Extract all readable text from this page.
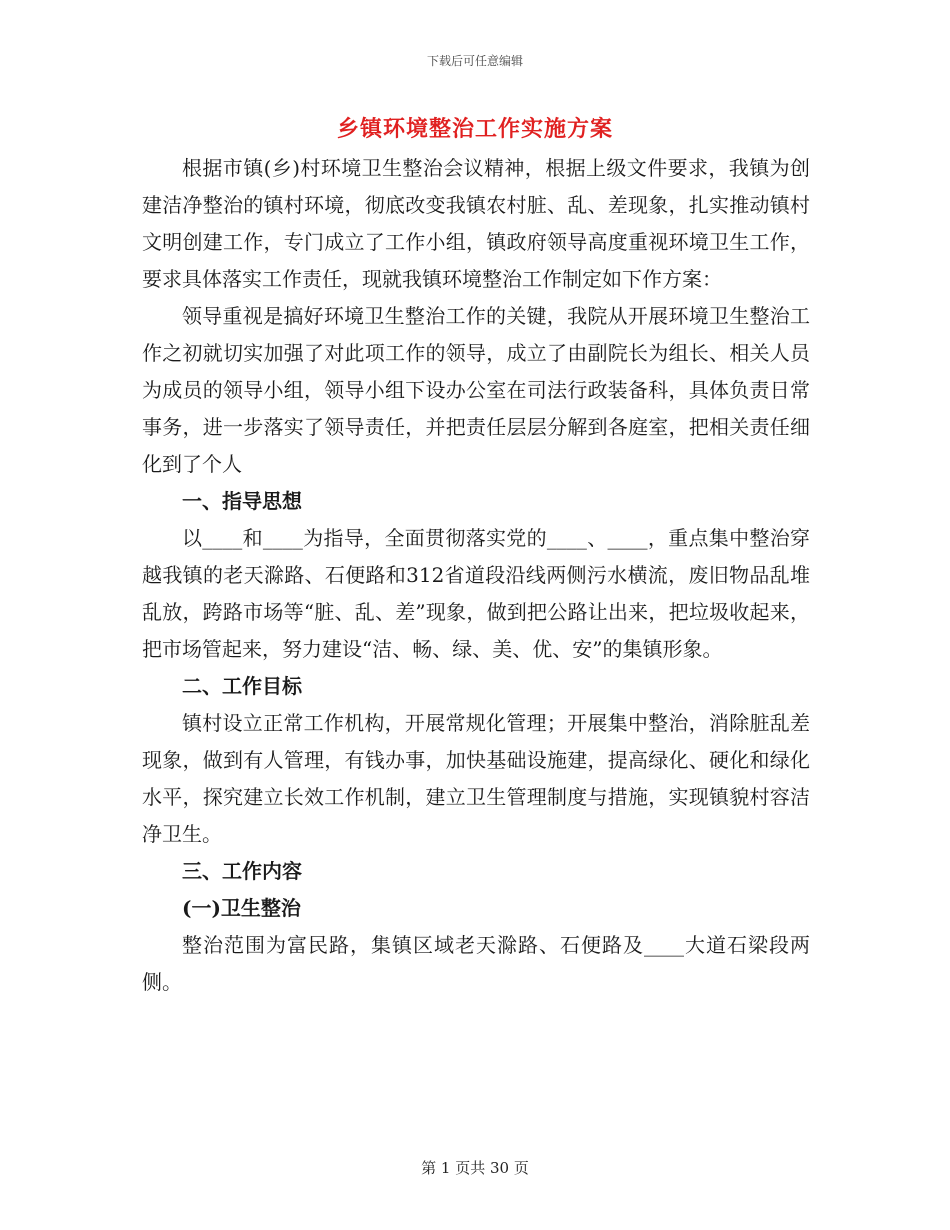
下载后可任意编辑
乡镇环境整治工作实施方案

根据市镇(乡)村环境卫生整治会议精神，根据上级文件要求，我镇为创建洁净整治的镇村环境，彻底改变我镇农村脏、乱、差现象，扎实推动镇村文明创建工作，专门成立了工作小组，镇政府领导高度重视环境卫生工作，要求具体落实工作责任，现就我镇环境整治工作制定如下作方案：

领导重视是搞好环境卫生整治工作的关键，我院从开展环境卫生整治工作之初就切实加强了对此项工作的领导，成立了由副院长为组长、相关人员为成员的领导小组，领导小组下设办公室在司法行政装备科，具体负责日常事务，进一步落实了领导责任，并把责任层层分解到各庭室，把相关责任细化到了个人

一、指导思想

以____和____为指导，全面贯彻落实党的____、____，重点集中整治穿越我镇的老天滁路、石便路和312省道段沿线两侧污水横流，废旧物品乱堆乱放，跨路市场等“脏、乱、差”现象，做到把公路让出来，把垃圾收起来，把市场管起来，努力建设“洁、畅、绿、美、优、安”的集镇形象。

二、工作目标

镇村设立正常工作机构，开展常规化管理；开展集中整治，消除脏乱差现象，做到有人管理，有钱办事，加快基础设施建，提高绿化、硬化和绿化水平，探究建立长效工作机制，建立卫生管理制度与措施，实现镇貌村容洁净卫生。

三、工作内容

(一)卫生整治

整治范围为富民路，集镇区域老天滁路、石便路及____大道石梁段两侧。

第 1 页共 30 页
